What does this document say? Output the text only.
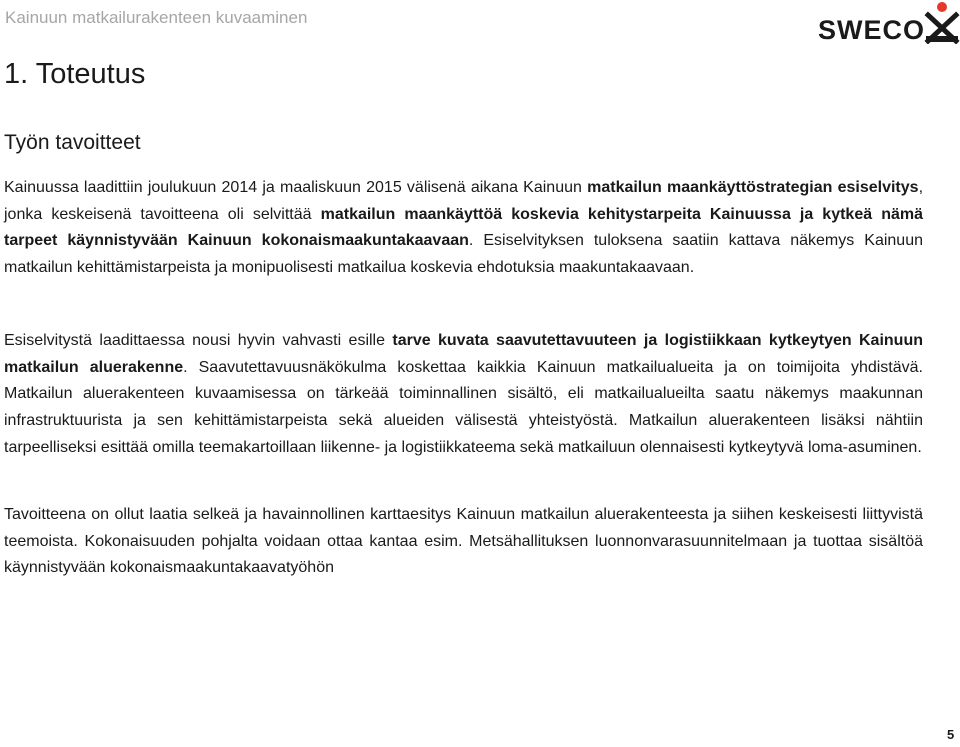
Kainuun matkailurakenteen kuvaaminen	SWECO
1. Toteutus
Työn tavoitteet

Kainuussa laadittiin joulukuun 2014 ja maaliskuun 2015 välisenä aikana Kainuun matkailun maankäyttöstrategian esiselvitys, jonka keskeisenä tavoitteena oli selvittää matkailun maankäyttöä koskevia kehitystarpeita Kainuussa ja kytkeä nämä tarpeet käynnistyvään Kainuun kokonaismaakuntakaavaan. Esiselvityksen tuloksena saatiin kattava näkemys Kainuun matkailun kehittämistarpeista ja monipuolisesti matkailua koskevia ehdotuksia maakuntakaavaan.

Esiselvitystä laadittaessa nousi hyvin vahvasti esille tarve kuvata saavutettavuuteen ja logistiikkaan kytkeytyen Kainuun matkailun aluerakenne. Saavutettavuusnäkökulma koskettaa kaikkia Kainuun matkailualueita ja on toimijoita yhdistävä. Matkailun aluerakenteen kuvaamisessa on tärkeää toiminnallinen sisältö, eli matkailualueilta saatu näkemys maakunnan infrastruktuurista ja sen kehittämistarpeista sekä alueiden välisestä yhteistyöstä. Matkailun aluerakenteen lisäksi nähtiin tarpeelliseksi esittää omilla teemakartoillaan liikenne- ja logistiikkateema sekä matkailuun olennaisesti kytkeytyvä loma-asuminen.

Tavoitteena on ollut laatia selkeä ja havainnollinen karttaesitys Kainuun matkailun aluerakenteesta ja siihen keskeisesti liittyvistä teemoista. Kokonaisuuden pohjalta voidaan ottaa kantaa esim. Metsähallituksen luonnonvarasuunnitelmaan ja tuottaa sisältöä käynnistyvään kokonaismaakuntakaavatyöhön

5
